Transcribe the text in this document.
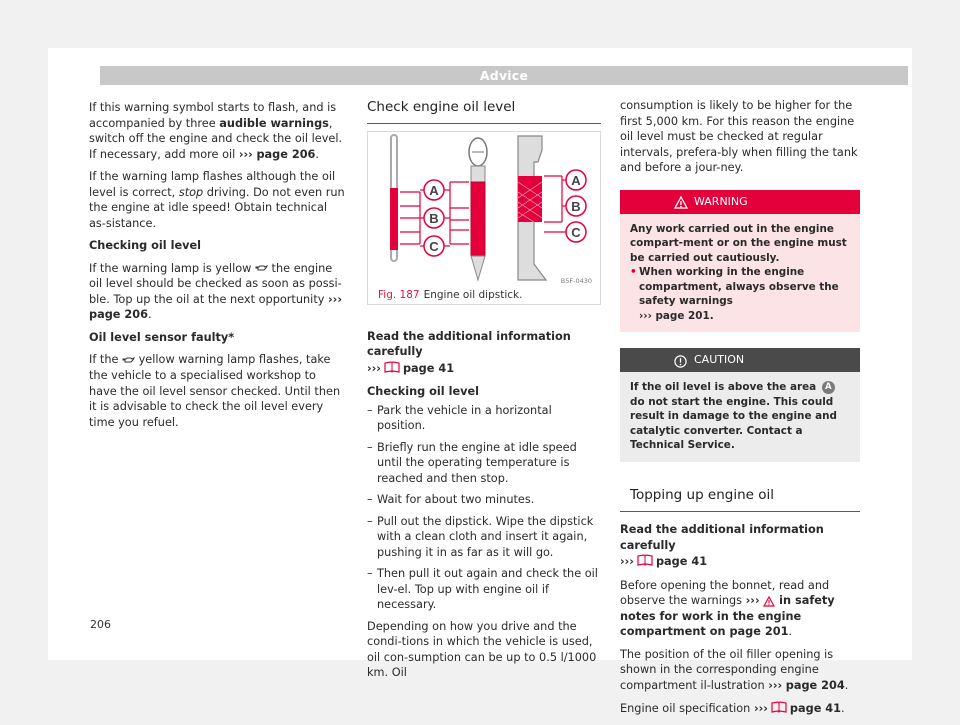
Advice

If this warning symbol starts to flash, and is accompanied by three audible warnings, switch off the engine and check the oil level. If necessary, add more oil ››› page 206.

If the warning lamp flashes although the oil level is correct, stop driving. Do not even run the engine at idle speed! Obtain technical as-sistance.

Checking oil level

If the warning lamp is yellow  the engine oil level should be checked as soon as possi-ble. Top up the oil at the next opportunity ››› page 206.

Oil level sensor faulty*

If the  yellow warning lamp flashes, take the vehicle to a specialised workshop to have the oil level sensor checked. Until then it is advisable to check the oil level every time you refuel.

Check engine oil level
A
B
C
A
B
C
B5F-0430
Fig. 187 Engine oil dipstick.

Read the additional information carefully
››› page 41

Checking oil level

– Park the vehicle in a horizontal position.
– Briefly run the engine at idle speed until the operating temperature is reached and then stop.
– Wait for about two minutes.
– Pull out the dipstick. Wipe the dipstick with a clean cloth and insert it again, pushing it in as far as it will go.
– Then pull it out again and check the oil lev-el. Top up with engine oil if necessary.

Depending on how you drive and the condi-tions in which the vehicle is used, oil con-sumption can be up to 0.5 l/1000 km. Oil

consumption is likely to be higher for the first 5,000 km. For this reason the engine oil level must be checked at regular intervals, prefera-bly when filling the tank and before a jour-ney.

WARNING
Any work carried out in the engine compart-ment or on the engine must be carried out cautiously.
• When working in the engine compartment, always observe the safety warnings
››› page 201.
CAUTION
If the oil level is above the area A do not start the engine. This could result in damage to the engine and catalytic converter. Contact a Technical Service.
Topping up engine oil

Read the additional information carefully
››› page 41

Before opening the bonnet, read and observe the warnings ›››  in safety notes for work in the engine compartment on page 201.

The position of the oil filler opening is shown in the corresponding engine compartment il-lustration ››› page 204.

Engine oil specification ››› page 41.

206
